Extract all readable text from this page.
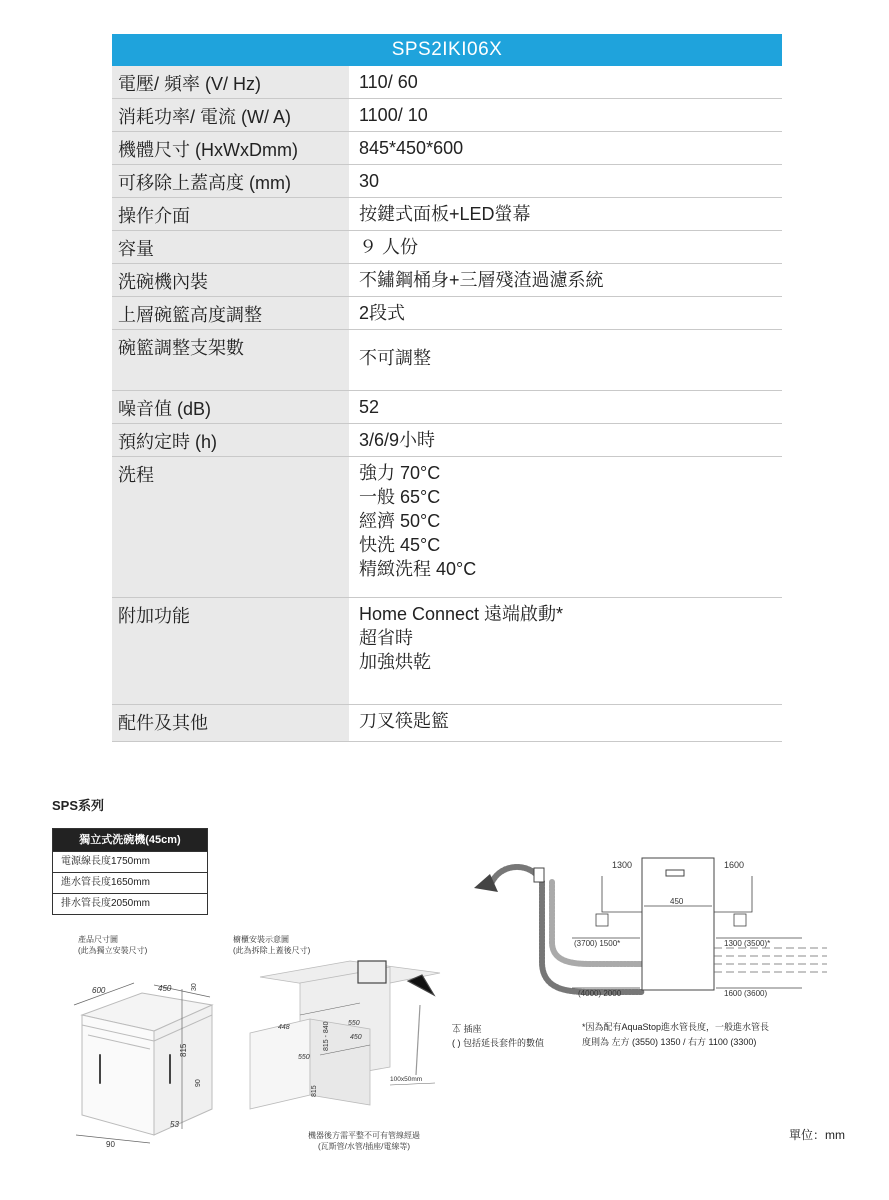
SPS2IKI06X
電壓/ 頻率 (V/ Hz)	110/ 60
消耗功率/ 電流 (W/ A)	1100/ 10
機體尺寸 (HxWxDmm)	845*450*600
可移除上蓋高度 (mm)	30
操作介面	按鍵式面板+LED螢幕
容量	９ 人份
洗碗機內裝	不鏽鋼桶身+三層殘渣過濾系統
上層碗籃高度調整	2段式
碗籃調整支架數	不可調整
噪音值 (dB)	52
預約定時 (h)	3/6/9小時
洗程	強力 70°C
一般 65°C
經濟 50°C
快洗 45°C
精緻洗程 40°C
附加功能	Home Connect 遠端啟動*
超省時
加強烘乾
配件及其他	刀叉筷匙籃
SPS系列
獨立式洗碗機(45cm)
電源線長度1750mm
進水管長度1650mm
排水管長度2050mm
產品尺寸圖
(此為獨立安裝尺寸)
600	450	30
815
90
53
90
櫥櫃安裝示意圖
(此為拆除上蓋後尺寸)
448
550
815
815 - 840	550
450
100x50mm
機器後方需平整不可有管線經過
(瓦斯管/水管/插座/電線等)
1300	1600
450
(3700) 1500*	1300 (3500)*
(4000) 2000	1600 (3600)
⏄ 插座
( ) 包括延長套件的數值
*因為配有AquaStop進水管長度，一般進水管長
度則為 左方 (3550) 1350 / 右方 1100 (3300)
單位：mm
